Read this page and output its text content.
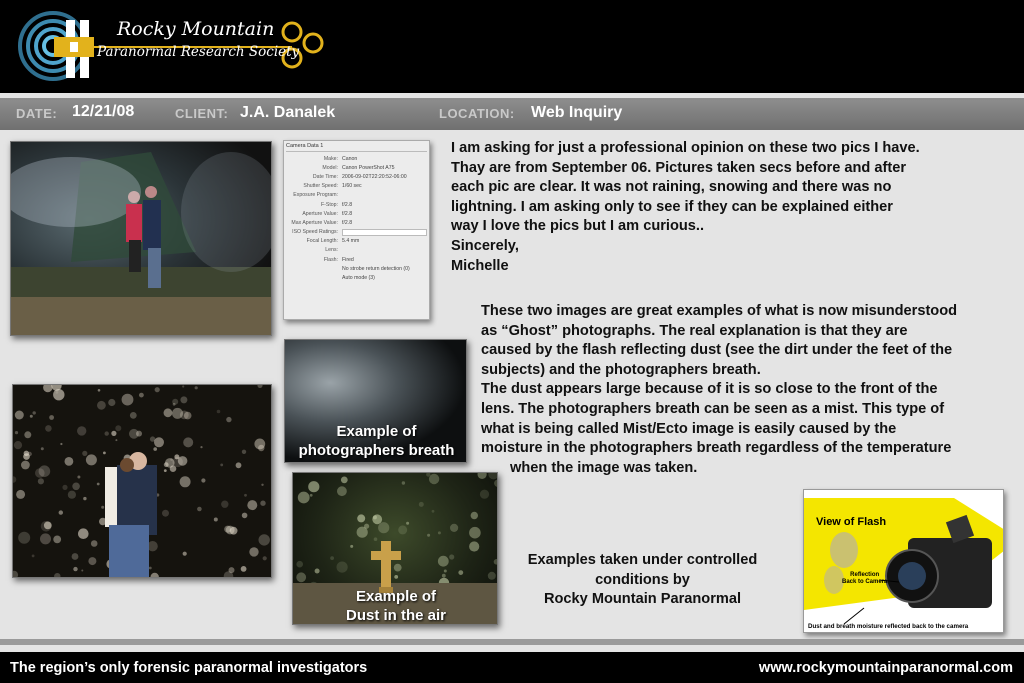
Rocky Mountain
Paranormal Research Society
DATE: 12/21/08	CLIENT: J.A. Danalek	LOCATION: Web Inquiry
Camera Data 1
Make: Canon
Model: Canon PowerShot A75
Date Time: 2006-09-02T22:20:52-06:00
Shutter Speed: 1/60 sec
Exposure Program:
F-Stop: f/2.8
Aperture Value: f/2.8
Max Aperture Value: f/2.8
ISO Speed Ratings:
Focal Length: 5.4 mm
Lens:
Flash: Fired
No strobe return detection (0)
Auto mode (3)
I am asking for just a professional opinion on these two pics I have.
Thay are from September 06. Pictures taken secs before and after
each pic are clear. It was not raining, snowing and there was no
lightning. I am asking only to see if they can be explained either
way I love the pics but I am curious..
Sincerely,
Michelle
Example of
photographers breath
Example of
Dust in the air
These two images are great examples of what is now misunderstood
as “Ghost” photographs. The real explanation is that they are
caused by the flash reflecting dust (see the dirt under the feet of the
subjects) and the photographers breath.
The dust appears large because of it is so close to the front of the
lens. The photographers breath can be seen as a mist. This type of
what is being called Mist/Ecto image is easily caused by the
moisture in the photographers breath regardless of the temperature
when the image was taken.
Examples taken under controlled
conditions by
Rocky Mountain Paranormal
View of Flash
Reflection
Back to Camera
Dust and breath moisture reflected back to the camera
The region’s only forensic paranormal investigators	www.rockymountainparanormal.com
